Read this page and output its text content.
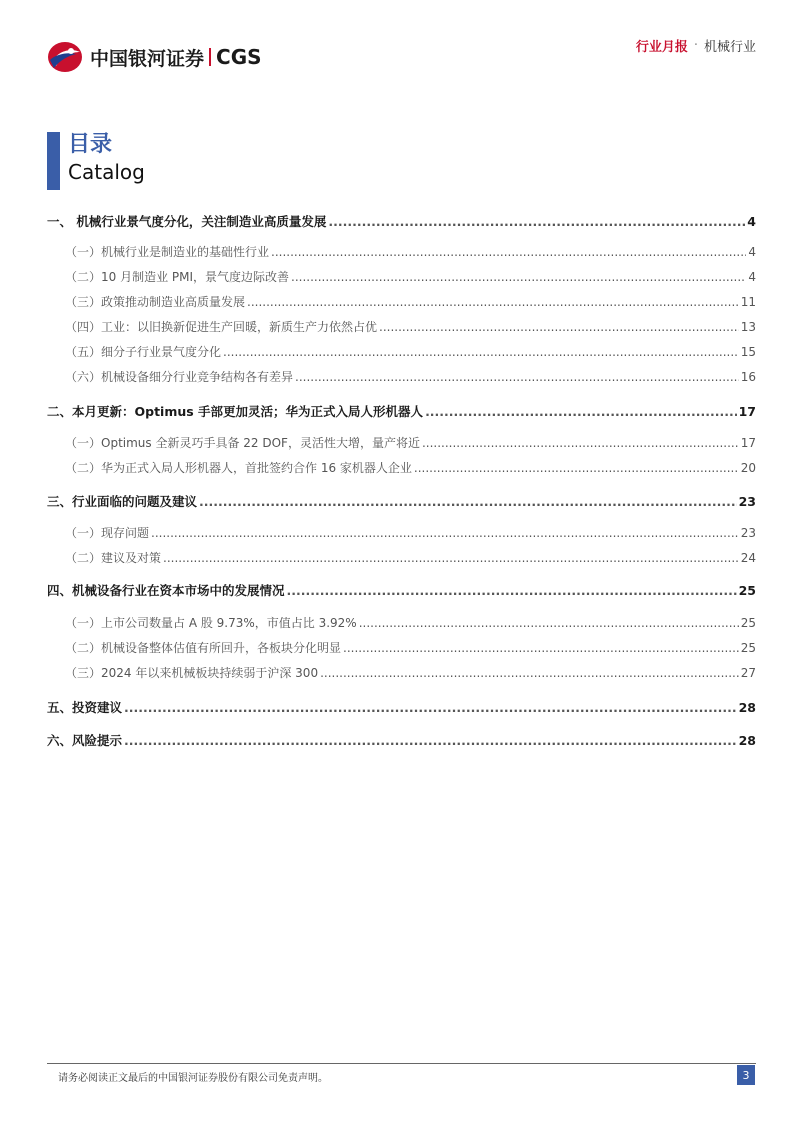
中国银河证券 CGS	行业月报 · 机械行业
目录
Catalog
一、 机械行业景气度分化，关注制造业高质量发展 .....	4
（一）机械行业是制造业的基础性行业 .....	4
（二）10 月制造业 PMI，景气度边际改善 .....	4
（三）政策推动制造业高质量发展 .....	11
（四）工业：以旧换新促进生产回暖，新质生产力依然占优 .....	13
（五）细分子行业景气度分化 .....	15
（六）机械设备细分行业竞争结构各有差异 .....	16
二、本月更新：Optimus 手部更加灵活；华为正式入局人形机器人 .....	17
（一）Optimus 全新灵巧手具备 22 DOF，灵活性大增，量产将近 .....	17
（二）华为正式入局人形机器人，首批签约合作 16 家机器人企业 .....	20
三、行业面临的问题及建议 .....	23
（一）现存问题 .....	23
（二）建议及对策 .....	24
四、机械设备行业在资本市场中的发展情况 .....	25
（一）上市公司数量占 A 股 9.73%，市值占比 3.92% .....	25
（二）机械设备整体估值有所回升，各板块分化明显 .....	25
（三）2024 年以来机械板块持续弱于沪深 300 .....	27
五、投资建议 .....	28
六、风险提示 .....	28
请务必阅读正文最后的中国银河证券股份有限公司免责声明。	3
